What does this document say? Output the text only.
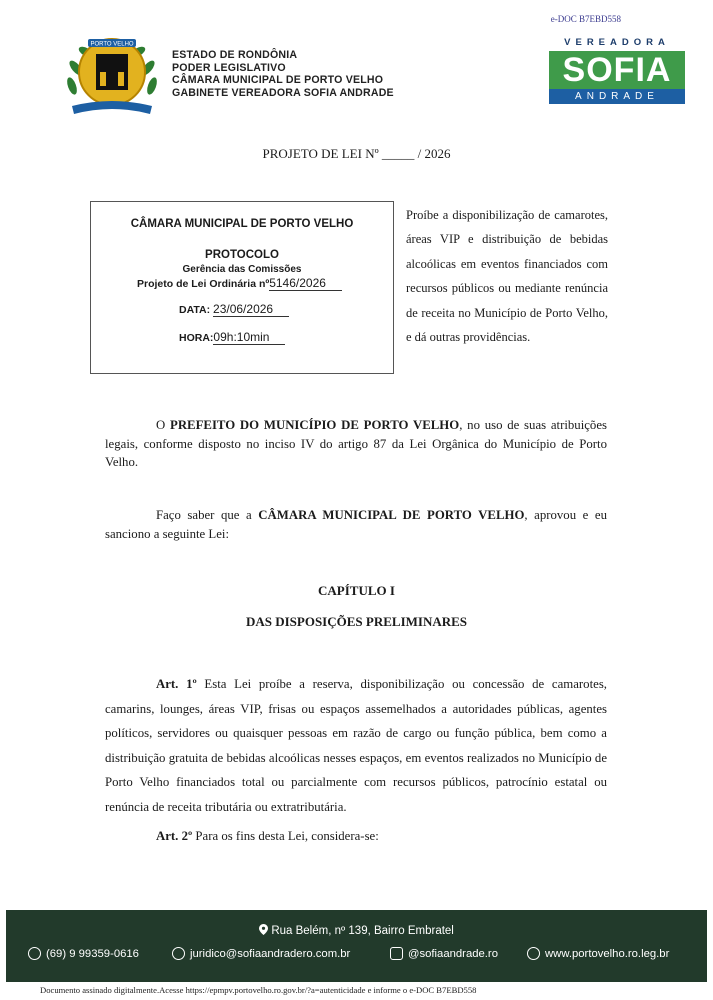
e-DOC B7EBD558
PORTO VELHO
ESTADO DE RONDÔNIA
PODER LEGISLATIVO
CÂMARA MUNICIPAL DE PORTO VELHO
GABINETE VEREADORA SOFIA ANDRADE
VEREADORA
SOFIA
ANDRADE
PROJETO DE LEI Nº _____ / 2026
CÂMARA MUNICIPAL DE PORTO VELHO
PROTOCOLO
Gerência das Comissões
Projeto de Lei Ordinária nº5146/2026
DATA: 23/06/2026
HORA:09h:10min
Proíbe a disponibilização de camarotes, áreas VIP e distribuição de bebidas alcoólicas em eventos financiados com recursos públicos ou mediante renúncia de receita no Município de Porto Velho, e dá outras providências.
O PREFEITO DO MUNICÍPIO DE PORTO VELHO, no uso de suas atribuições legais, conforme disposto no inciso IV do artigo 87 da Lei Orgânica do Município de Porto Velho.
Faço saber que a CÂMARA MUNICIPAL DE PORTO VELHO, aprovou e eu sanciono a seguinte Lei:
CAPÍTULO I
DAS DISPOSIÇÕES PRELIMINARES
Art. 1º Esta Lei proíbe a reserva, disponibilização ou concessão de camarotes, camarins, lounges, áreas VIP, frisas ou espaços assemelhados a autoridades públicas, agentes políticos, servidores ou quaisquer pessoas em razão de cargo ou função pública, bem como a distribuição gratuita de bebidas alcoólicas nesses espaços, em eventos realizados no Município de Porto Velho financiados total ou parcialmente com recursos públicos, patrocínio estatal ou renúncia de receita tributária ou extratributária.
Art. 2º Para os fins desta Lei, considera-se:
Rua Belém, nº 139, Bairro Embratel
(69) 9 99359-0616	juridico@sofiaandradero.com.br	@sofiaandrade.ro	www.portovelho.ro.leg.br
Documento assinado digitalmente.Acesse https://epmpv.portovelho.ro.gov.br/?a=autenticidade e informe o e-DOC B7EBD558
